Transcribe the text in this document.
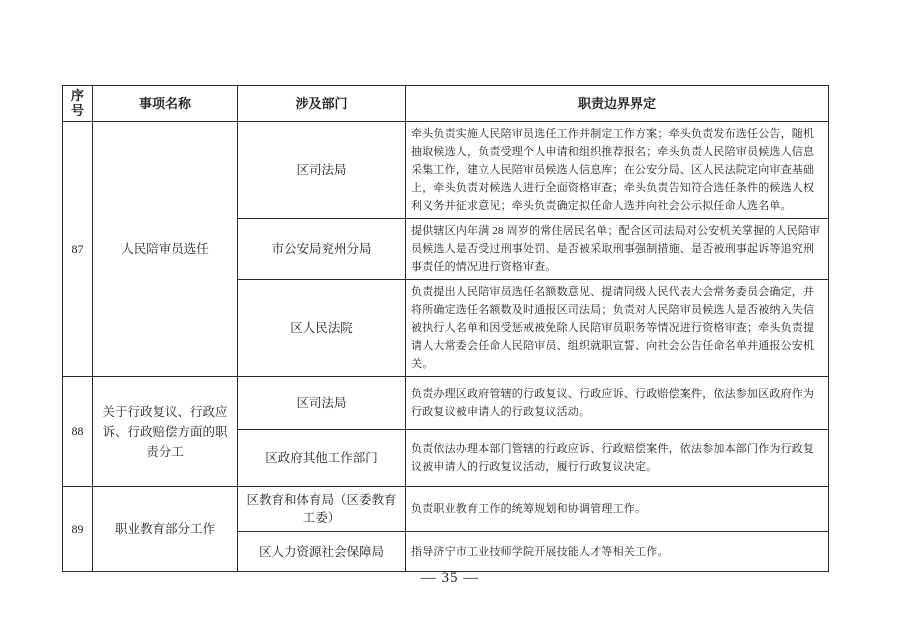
序号	事项名称	涉及部门	职责边界界定
87	人民陪审员选任	区司法局	牵头负责实施人民陪审员选任工作并制定工作方案；牵头负责发布选任公告，随机抽取候选人，负责受理个人申请和组织推荐报名；牵头负责人民陪审员候选人信息采集工作，建立人民陪审员候选人信息库；在公安分局、区人民法院定向审查基础上，牵头负责对候选人进行全面资格审查；牵头负责告知符合选任条件的候选人权利义务并征求意见；牵头负责确定拟任命人选并向社会公示拟任命人选名单。
		市公安局兖州分局	提供辖区内年满 28 周岁的常住居民名单；配合区司法局对公安机关掌握的人民陪审员候选人是否受过刑事处罚、是否被采取刑事强制措施、是否被刑事起诉等追究刑事责任的情况进行资格审查。
		区人民法院	负责提出人民陪审员选任名额数意见、提请同级人民代表大会常务委员会确定，并将所确定选任名额数及时通报区司法局；负责对人民陪审员候选人是否被纳入失信被执行人名单和因受惩戒被免除人民陪审员职务等情况进行资格审查；牵头负责提请人大常委会任命人民陪审员、组织就职宣誓、向社会公告任命名单并通报公安机关。
88	关于行政复议、行政应诉、行政赔偿方面的职责分工	区司法局	负责办理区政府管辖的行政复议、行政应诉、行政赔偿案件，依法参加区政府作为行政复议被申请人的行政复议活动。
		区政府其他工作部门	负责依法办理本部门管辖的行政应诉、行政赔偿案件，依法参加本部门作为行政复议被申请人的行政复议活动，履行行政复议决定。
89	职业教育部分工作	区教育和体育局（区委教育工委）	负责职业教育工作的统筹规划和协调管理工作。
		区人力资源社会保障局	指导济宁市工业技师学院开展技能人才等相关工作。
— 35 —
